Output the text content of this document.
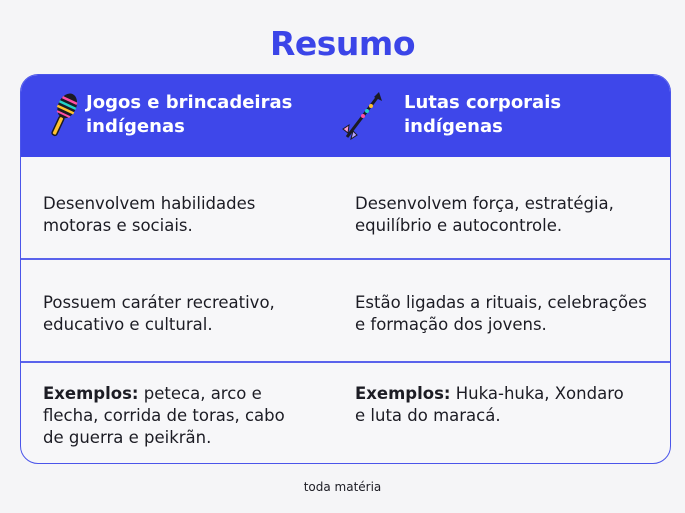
Resumo
Jogos e brincadeiras
indígenas
Lutas corporais
indígenas
Desenvolvem habilidades
motoras e sociais.
Desenvolvem força, estratégia,
equilíbrio e autocontrole.
Possuem caráter recreativo,
educativo e cultural.
Estão ligadas a rituais, celebrações
e formação dos jovens.
Exemplos: peteca, arco e
flecha, corrida de toras, cabo
de guerra e peikrãn.
Exemplos: Huka-huka, Xondaro
e luta do maracá.
toda matéria
